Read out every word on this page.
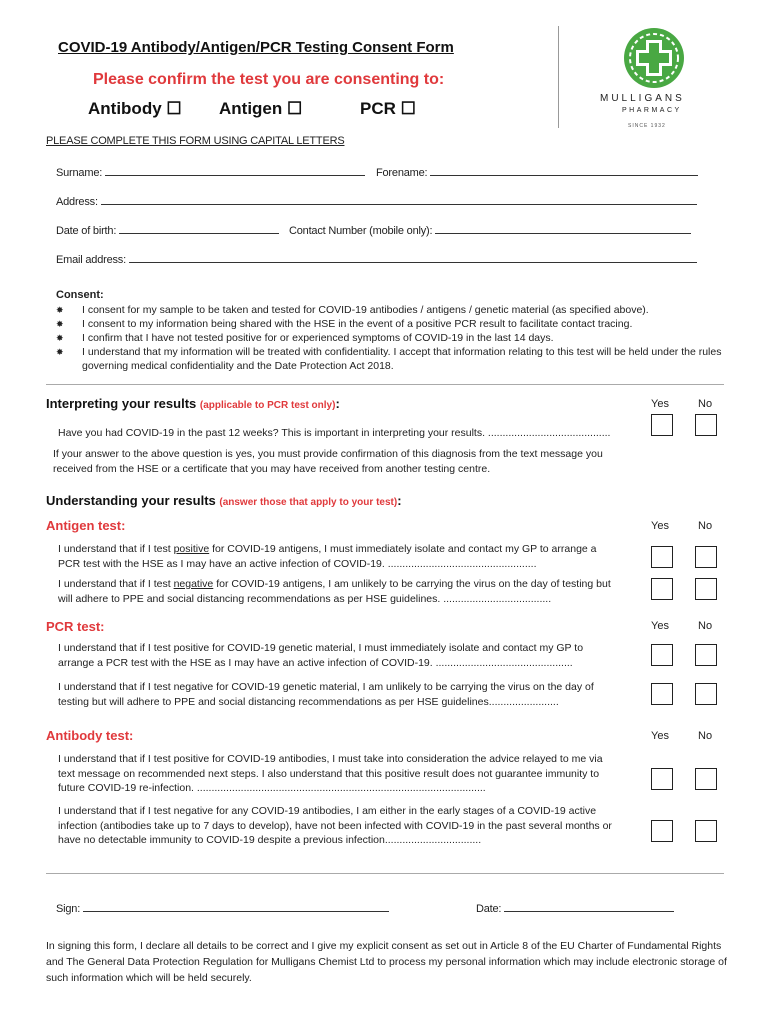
COVID-19 Antibody/Antigen/PCR Testing Consent Form
Please confirm the test you are consenting to:
Antibody ☐ Antigen ☐	PCR ☐
MULLIGANS
PHARMACY
SINCE 1932
PLEASE COMPLETE THIS FORM USING CAPITAL LETTERS
Surname:	Forename:
Address:
Date of birth:	Contact Number (mobile only):
Email address:
Consent:
✸ I consent for my sample to be taken and tested for COVID-19 antibodies / antigens / genetic material (as specified above).
✸ I consent to my information being shared with the HSE in the event of a positive PCR result to facilitate contact tracing.
✸ I confirm that I have not tested positive for or experienced symptoms of COVID-19 in the last 14 days.
✸ I understand that my information will be treated with confidentiality. I accept that information relating to this test will be held under the rules governing medical confidentiality and the Date Protection Act 2018.
Interpreting your results (applicable to PCR test only):	Yes	No
Have you had COVID-19 in the past 12 weeks? This is important in interpreting your results. ..........................................
If your answer to the above question is yes, you must provide confirmation of this diagnosis from the text message you received from the HSE or a certificate that you may have received from another testing centre.
Understanding your results (answer those that apply to your test):
Antigen test:	Yes	No
I understand that if I test positive for COVID-19 antigens, I must immediately isolate and contact my GP to arrange a PCR test with the HSE as I may have an active infection of COVID-19. ...................................................
I understand that if I test negative for COVID-19 antigens, I am unlikely to be carrying the virus on the day of testing but will adhere to PPE and social distancing recommendations as per HSE guidelines. .....................................
PCR test:	Yes	No
I understand that if I test positive for COVID-19 genetic material, I must immediately isolate and contact my GP to arrange a PCR test with the HSE as I may have an active infection of COVID-19. ...............................................
I understand that if I test negative for COVID-19 genetic material, I am unlikely to be carrying the virus on the day of testing but will adhere to PPE and social distancing recommendations as per HSE guidelines........................
Antibody test:	Yes	No
I understand that if I test positive for COVID-19 antibodies, I must take into consideration the advice relayed to me via text message on recommended next steps. I also understand that this positive result does not guarantee immunity to future COVID-19 re-infection. ...................................................................................................
I understand that if I test negative for any COVID-19 antibodies, I am either in the early stages of a COVID-19 active infection (antibodies take up to 7 days to develop), have not been infected with COVID-19 in the past several months or have no detectable immunity to COVID-19 despite a previous infection.................................
Sign:	Date:
In signing this form, I declare all details to be correct and I give my explicit consent as set out in Article 8 of the EU Charter of Fundamental Rights and The General Data Protection Regulation for Mulligans Chemist Ltd to process my personal information which may include electronic storage of such information which will be held securely.
